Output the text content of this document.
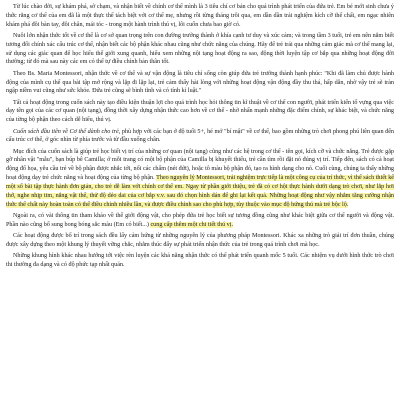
Từ lúc chào đời, sự khám phá, sờ chạm, và nhận biết về chính cơ thể mình là 3 tiêu chí cơ bản cho quá trình phát triển của đứa trẻ. Em bé mới sinh chưa ý thức rằng cơ thể của em đã là một thực thể tách biệt với cơ thể mẹ, nhưng rồi từng tháng trôi qua, em dần dần trải nghiệm kích cỡ thể chất, em ngạc nhiên khám phá đôi bàn tay, đôi chân, mái tóc - trong một hành trình thú vị, lôi cuốn chưa bao giờ có.

Nuôi lớn nhận thức tốt về cơ thể là cơ sở quan trọng trên con đường trưởng thành ở khía cạnh tư duy và xúc cảm; và trong tầm 3 tuổi, trẻ em nên nắm biết tương đối chính xác cấu trúc cơ thể, nhận biết các bộ phận khác nhau cũng như chức năng của chúng. Hãy để trẻ trải qua những cảm giác mà cơ thể mang lại, sử dụng các giác quan để học hiểu thế giới xung quanh, hiểu xem những nội tạng hoạt động ra sao, động thời luyện tập cơ bắp qua những hoạt động đời thường; từ đó mà sau này các em có thể tự điều chỉnh bản thân tốt.

Theo Bs. Maria Montessori, nhận thức về cơ thể và sự vận động là tiêu chí sống còn giúp đứa trẻ trưởng thành hạnh phúc: "Khi đã làm chủ được hành động của mình cụ thể qua bài tập mở rộng và lặp đi lặp lại, trẻ cảm thấy hài lòng với những hoạt động vận động đầy thu thá, hấp dẫn, nhờ vậy trẻ sẽ tràn ngập niềm vui cũng như sức khỏe. Đứa trẻ cũng sẽ bình tĩnh và có tính kỉ luật."

Tất cả hoạt động trong cuốn sách này tạo điều kiện thuận lợi cho quá trình học hỏi thông tin kĩ thuật về cơ thể con người, phát triển kiến tố vựng qua việc dạy tên gọi của các cơ quan (nội tạng), đồng thời xây dựng nhận thức cao hơn về cơ thể - nhờ nhấn mạnh những đặc điểm chính, sự khác biệt, và chức năng của từng bộ phận theo cách dễ hiểu, thú vị.

Cuốn sách đầu tiên về Cơ thể dành cho trẻ, phù hợp với các bạn ở độ tuổi 5+, hé mở "bí mật" về cơ thể, bao gồm những trò chơi phong phú liên quan đến cấu trúc cơ thể, ở góc nhìn từ phía trước và từ đầu xuống chân.

Mục đích của cuốn sách là giúp trẻ học biết vị trí của những cơ quan (nội tạng) cũng như các hệ trong cơ thể - tên gọi, kích cỡ và chức năng. Trẻ được gặp gỡ nhân vật "mẫu", bạn búp bê Camilla; ở mỗi trang có một bộ phận của Camilla bị khuyết thiếu, trẻ cần tìm rồi đặt nó đúng vị trí. Tiếp đến, sách có cả hoạt động đố họa, yêu cầu trẻ về bộ phận được nhắc tới, nối các chấm (nét đứt), hoặc tô màu bộ phận đó, tạo ra hình dạng cho nó. Cuối cùng, chúng ta thấy những hoạt động dạy trẻ chức năng và hoạt động của từng bộ phận. Theo nguyên lý Montessori, trải nghiệm trực tiếp là một công cụ của trí thức, vì thế sách thiết kế một số bài tập thực hành đơn giản, cho trẻ dễ làm với chính cơ thể em. Ngay từ phần giới thiệu, trẻ đã có cơ hội thực hành dưới dạng trò chơi, như lắp hơi thở, nghe nhịp tim, nắng vật thể, thử độ dẻo dai của cơ bắp v.v. sau đó chọn hình dán để ghi lại kết quả. Những hoạt động như vậy nhằm tăng cường nhận thức thể chất này hoàn toàn có thể điều chỉnh nhiều lần, và được điều chỉnh sao cho phù hợp, tùy thuộc vào mục độ hứng thú mà trẻ bộc lộ.

Ngoài ra, có vài thông tin tham khảo về thế giới động vật, cho phép đứa trẻ học biết sự tương đồng cũng như khác biệt giữa cơ thể người và động vật. Phần nào cũng bố sung bong bóng sắc màu (Em có biết...) cung cấp thêm một chi tiết thú vị.

Các hoạt động được bố trí trong sách đều lấy cảm hứng từ những nguyên lý của phương pháp Montessori. Khác xa những trò giải trí đơn thuần, chúng được xây dựng theo một khung lý thuyết vững chắc, nhằm thúc đẩy sự phát triển nhận thức của trẻ trong quá trình chơi mà học.

Những khung hình khác nhau hướng tới việc rèn luyện các khả năng nhận thức có thể phát triển quanh mốc 5 tuổi. Các nhiệm vụ dưới hình thức trò chơi thi thường đa dạng và có độ phức tạp nhất quán.
